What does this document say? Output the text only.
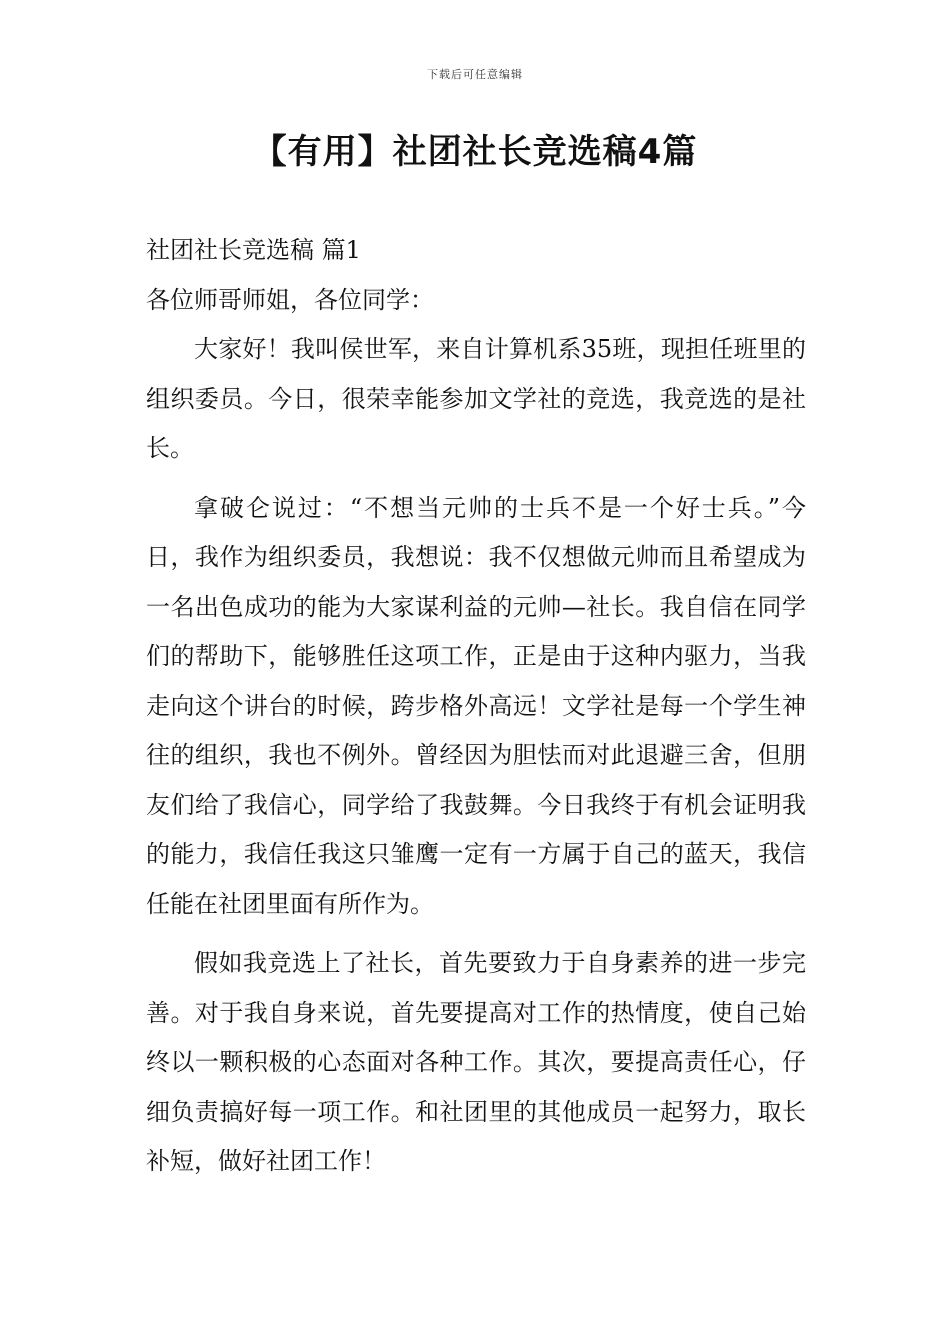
下载后可任意编辑
【有用】社团社长竞选稿4篇

社团社长竞选稿 篇1

各位师哥师姐，各位同学：

大家好！我叫侯世军，来自计算机系35班，现担任班里的组织委员。今日，很荣幸能参加文学社的竞选，我竞选的是社长。

拿破仑说过：“不想当元帅的士兵不是一个好士兵。”今日，我作为组织委员，我想说：我不仅想做元帅而且希望成为一名出色成功的能为大家谋利益的元帅—社长。我自信在同学们的帮助下，能够胜任这项工作，正是由于这种内驱力，当我走向这个讲台的时候，跨步格外高远！文学社是每一个学生神往的组织，我也不例外。曾经因为胆怯而对此退避三舍，但朋友们给了我信心，同学给了我鼓舞。今日我终于有机会证明我的能力，我信任我这只雏鹰一定有一方属于自己的蓝天，我信任能在社团里面有所作为。

假如我竞选上了社长，首先要致力于自身素养的进一步完善。对于我自身来说，首先要提高对工作的热情度，使自己始终以一颗积极的心态面对各种工作。其次，要提高责任心，仔细负责搞好每一项工作。和社团里的其他成员一起努力，取长补短，做好社团工作！
